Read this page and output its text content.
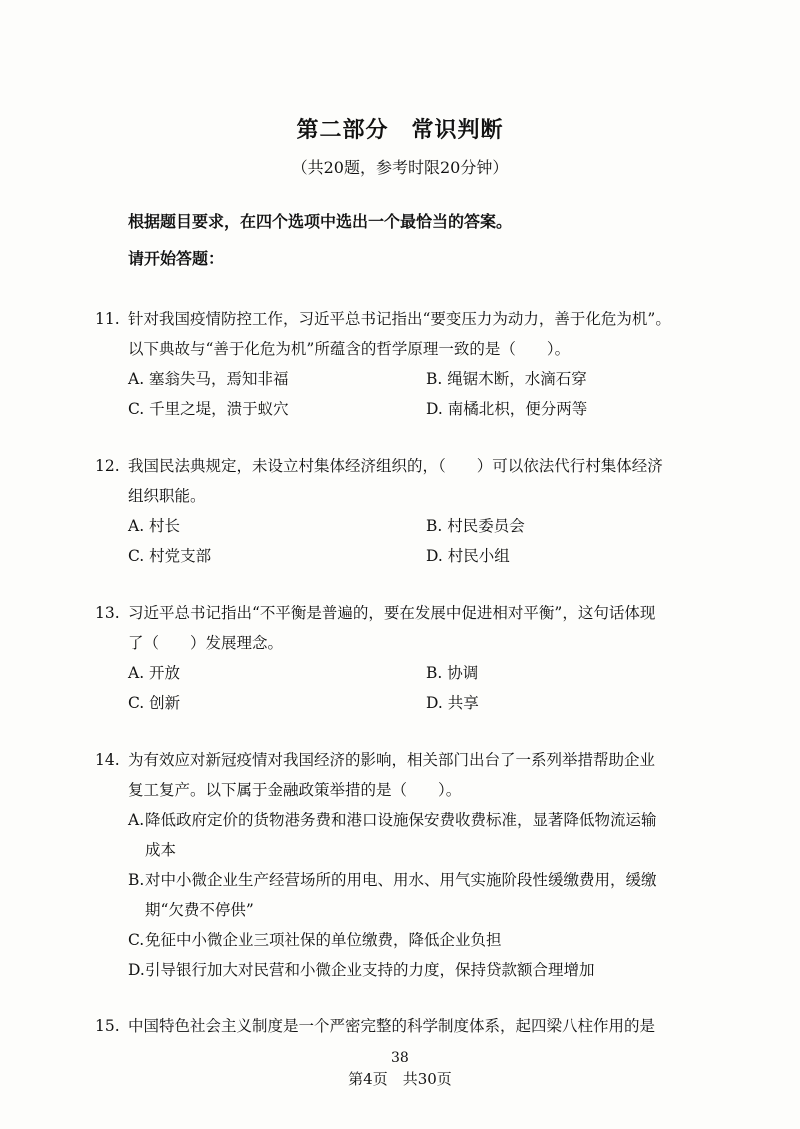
第二部分　常识判断
（共20题，参考时限20分钟）
根据题目要求，在四个选项中选出一个最恰当的答案。
请开始答题：
11. 针对我国疫情防控工作，习近平总书记指出“要变压力为动力，善于化危为机”。
以下典故与“善于化危为机”所蕴含的哲学原理一致的是（　　）。
A. 塞翁失马，焉知非福	B. 绳锯木断，水滴石穿
C. 千里之堤，溃于蚁穴	D. 南橘北枳，便分两等
12. 我国民法典规定，未设立村集体经济组织的，（　　）可以依法代行村集体经济
组织职能。
A. 村长	B. 村民委员会
C. 村党支部	D. 村民小组
13. 习近平总书记指出“不平衡是普遍的，要在发展中促进相对平衡”，这句话体现
了（　　）发展理念。
A. 开放	B. 协调
C. 创新	D. 共享
14. 为有效应对新冠疫情对我国经济的影响，相关部门出台了一系列举措帮助企业
复工复产。以下属于金融政策举措的是（　　）。
A. 降低政府定价的货物港务费和港口设施保安费收费标准，显著降低物流运输
成本
B. 对中小微企业生产经营场所的用电、用水、用气实施阶段性缓缴费用，缓缴
期“欠费不停供”
C. 免征中小微企业三项社保的单位缴费，降低企业负担
D. 引导银行加大对民营和小微企业支持的力度，保持贷款额合理增加
15. 中国特色社会主义制度是一个严密完整的科学制度体系，起四梁八柱作用的是
38
第4页　共30页
